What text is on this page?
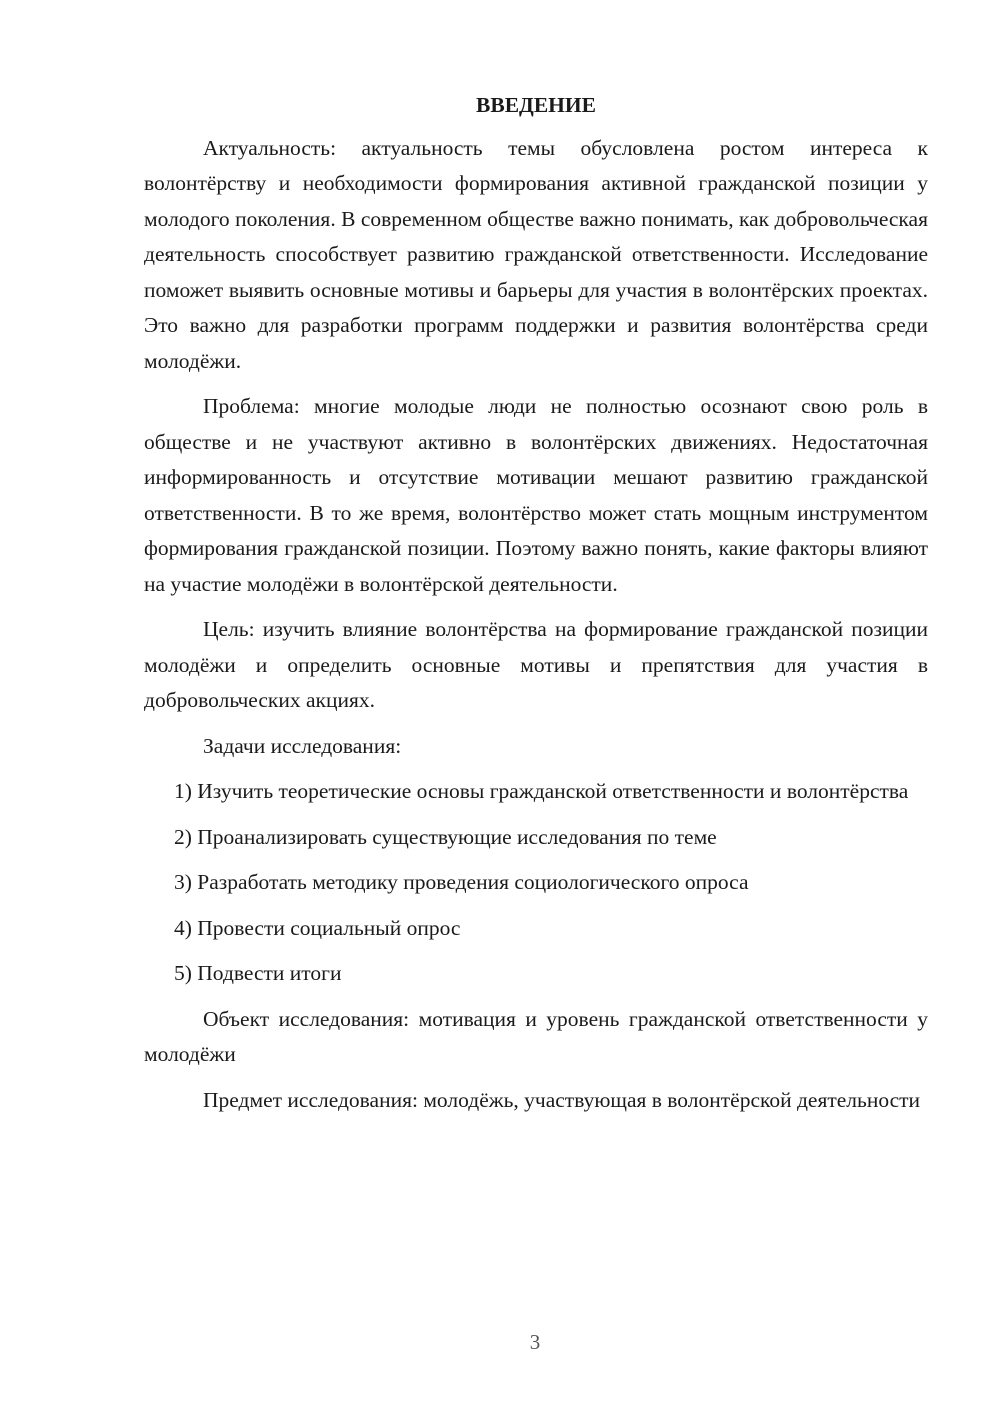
ВВЕДЕНИЕ

Актуальность: актуальность темы обусловлена ростом интереса к волонтёрству и необходимости формирования активной гражданской позиции у молодого поколения. В современном обществе важно понимать, как добровольческая деятельность способствует развитию гражданской ответственности. Исследование поможет выявить основные мотивы и барьеры для участия в волонтёрских проектах. Это важно для разработки программ поддержки и развития волонтёрства среди молодёжи.

Проблема: многие молодые люди не полностью осознают свою роль в обществе и не участвуют активно в волонтёрских движениях. Недостаточная информированность и отсутствие мотивации мешают развитию гражданской ответственности. В то же время, волонтёрство может стать мощным инструментом формирования гражданской позиции. Поэтому важно понять, какие факторы влияют на участие молодёжи в волонтёрской деятельности.

Цель: изучить влияние волонтёрства на формирование гражданской позиции молодёжи и определить основные мотивы и препятствия для участия в добровольческих акциях.

Задачи исследования:

1) Изучить теоретические основы гражданской ответственности и волонтёрства

2) Проанализировать существующие исследования по теме

3) Разработать методику проведения социологического опроса

4) Провести социальный опрос

5) Подвести итоги

Объект исследования: мотивация и уровень гражданской ответственности у молодёжи

Предмет исследования: молодёжь, участвующая в волонтёрской деятельности

3
